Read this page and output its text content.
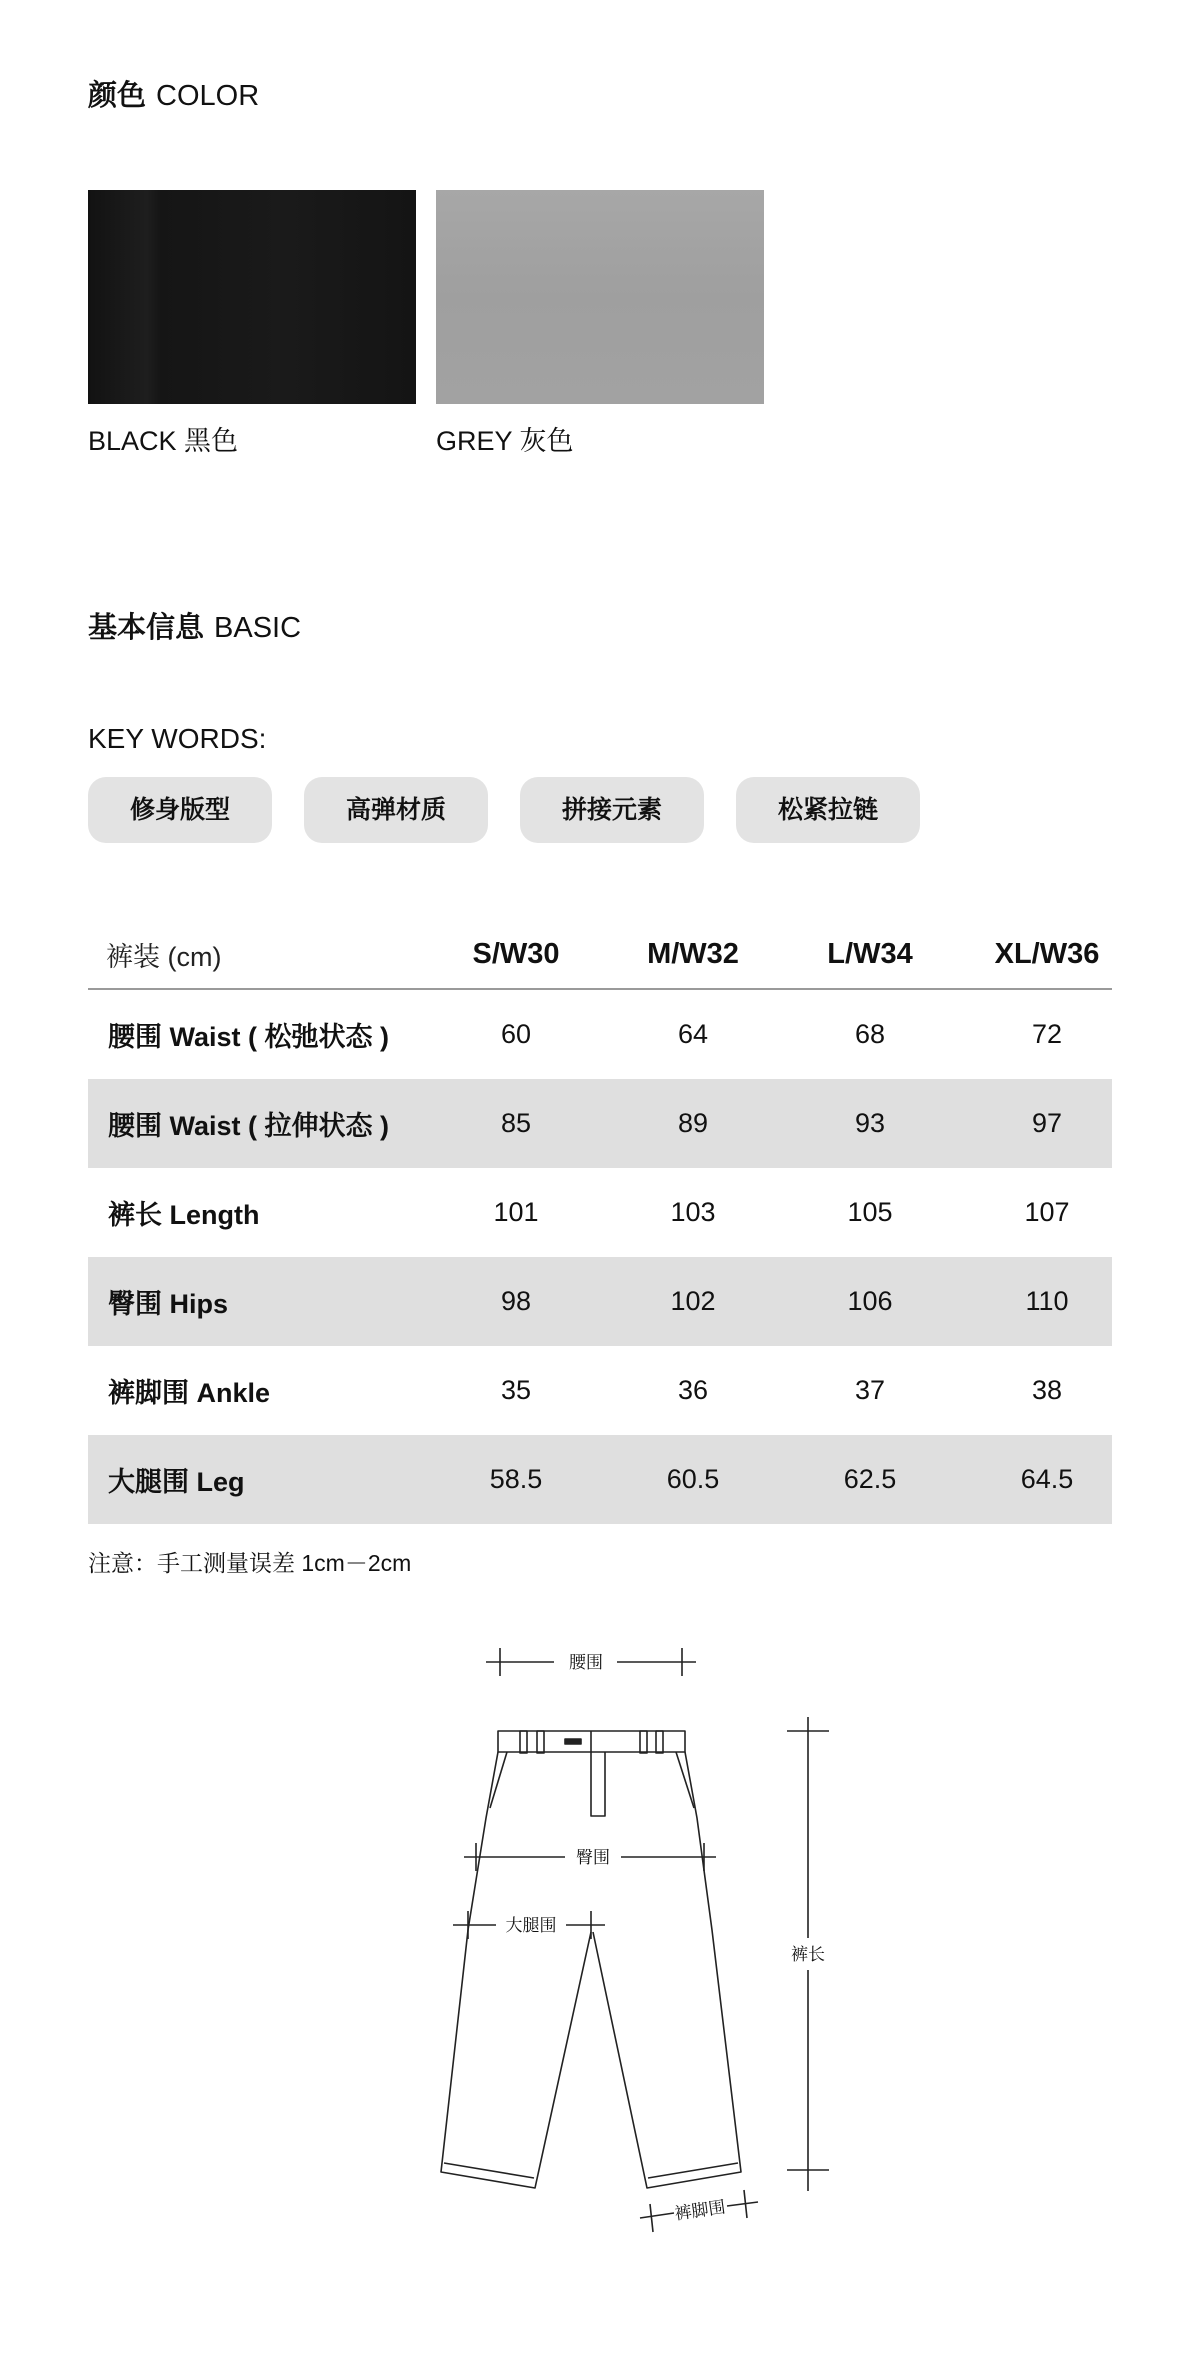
颜色 COLOR
BLACK 黑色	GREY 灰色
基本信息 BASIC
KEY WORDS:
修身版型	高弹材质	拼接元素	松紧拉链
裤装 (cm)	S/W30	M/W32	L/W34	XL/W36
腰围 Waist ( 松弛状态 )	60	64	68	72
腰围 Waist ( 拉伸状态 )	85	89	93	97
裤长 Length	101	103	105	107
臀围 Hips	98	102	106	110
裤脚围 Ankle	35	36	37	38
大腿围 Leg	58.5	60.5	62.5	64.5
注意：手工测量误差 1cm－2cm
腰围
臀围
大腿围
裤长
裤脚围
